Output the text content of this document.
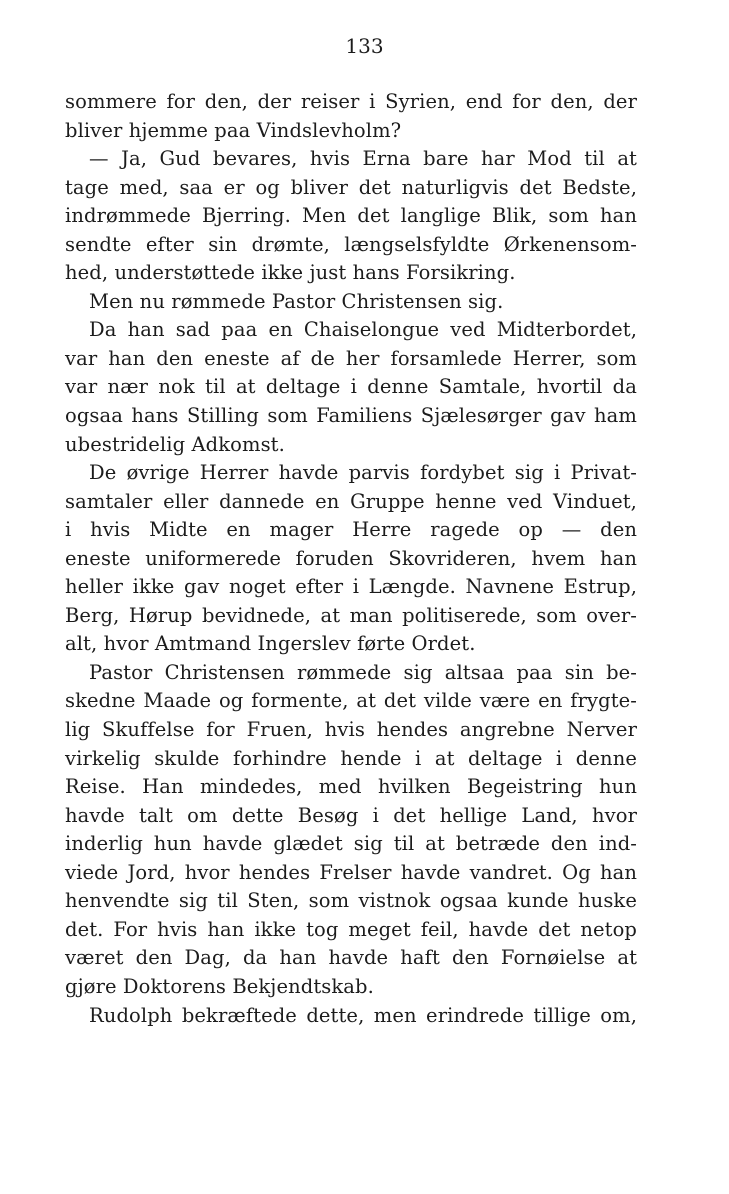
133
sommere for den, der reiser i Syrien, end for den, der
bliver hjemme paa Vindslevholm?
— Ja, Gud bevares, hvis Erna bare har Mod til at
tage med, saa er og bliver det naturligvis det Bedste,
indrømmede Bjerring. Men det langlige Blik, som han
sendte efter sin drømte, længselsfyldte Ørkenensom-
hed, understøttede ikke just hans Forsikring.
Men nu rømmede Pastor Christensen sig.
Da han sad paa en Chaiselongue ved Midterbordet,
var han den eneste af de her forsamlede Herrer, som
var nær nok til at deltage i denne Samtale, hvortil da
ogsaa hans Stilling som Familiens Sjælesørger gav ham
ubestridelig Adkomst.
De øvrige Herrer havde parvis fordybet sig i Privat-
samtaler eller dannede en Gruppe henne ved Vinduet,
i hvis Midte en mager Herre ragede op — den
eneste uniformerede foruden Skovrideren, hvem han
heller ikke gav noget efter i Længde. Navnene Estrup,
Berg, Hørup bevidnede, at man politiserede, som over-
alt, hvor Amtmand Ingerslev førte Ordet.
Pastor Christensen rømmede sig altsaa paa sin be-
skedne Maade og formente, at det vilde være en frygte-
lig Skuffelse for Fruen, hvis hendes angrebne Nerver
virkelig skulde forhindre hende i at deltage i denne
Reise. Han mindedes, med hvilken Begeistring hun
havde talt om dette Besøg i det hellige Land, hvor
inderlig hun havde glædet sig til at betræde den ind-
viede Jord, hvor hendes Frelser havde vandret. Og han
henvendte sig til Sten, som vistnok ogsaa kunde huske
det. For hvis han ikke tog meget feil, havde det netop
været den Dag, da han havde haft den Fornøielse at
gjøre Doktorens Bekjendtskab.
Rudolph bekræftede dette, men erindrede tillige om,
